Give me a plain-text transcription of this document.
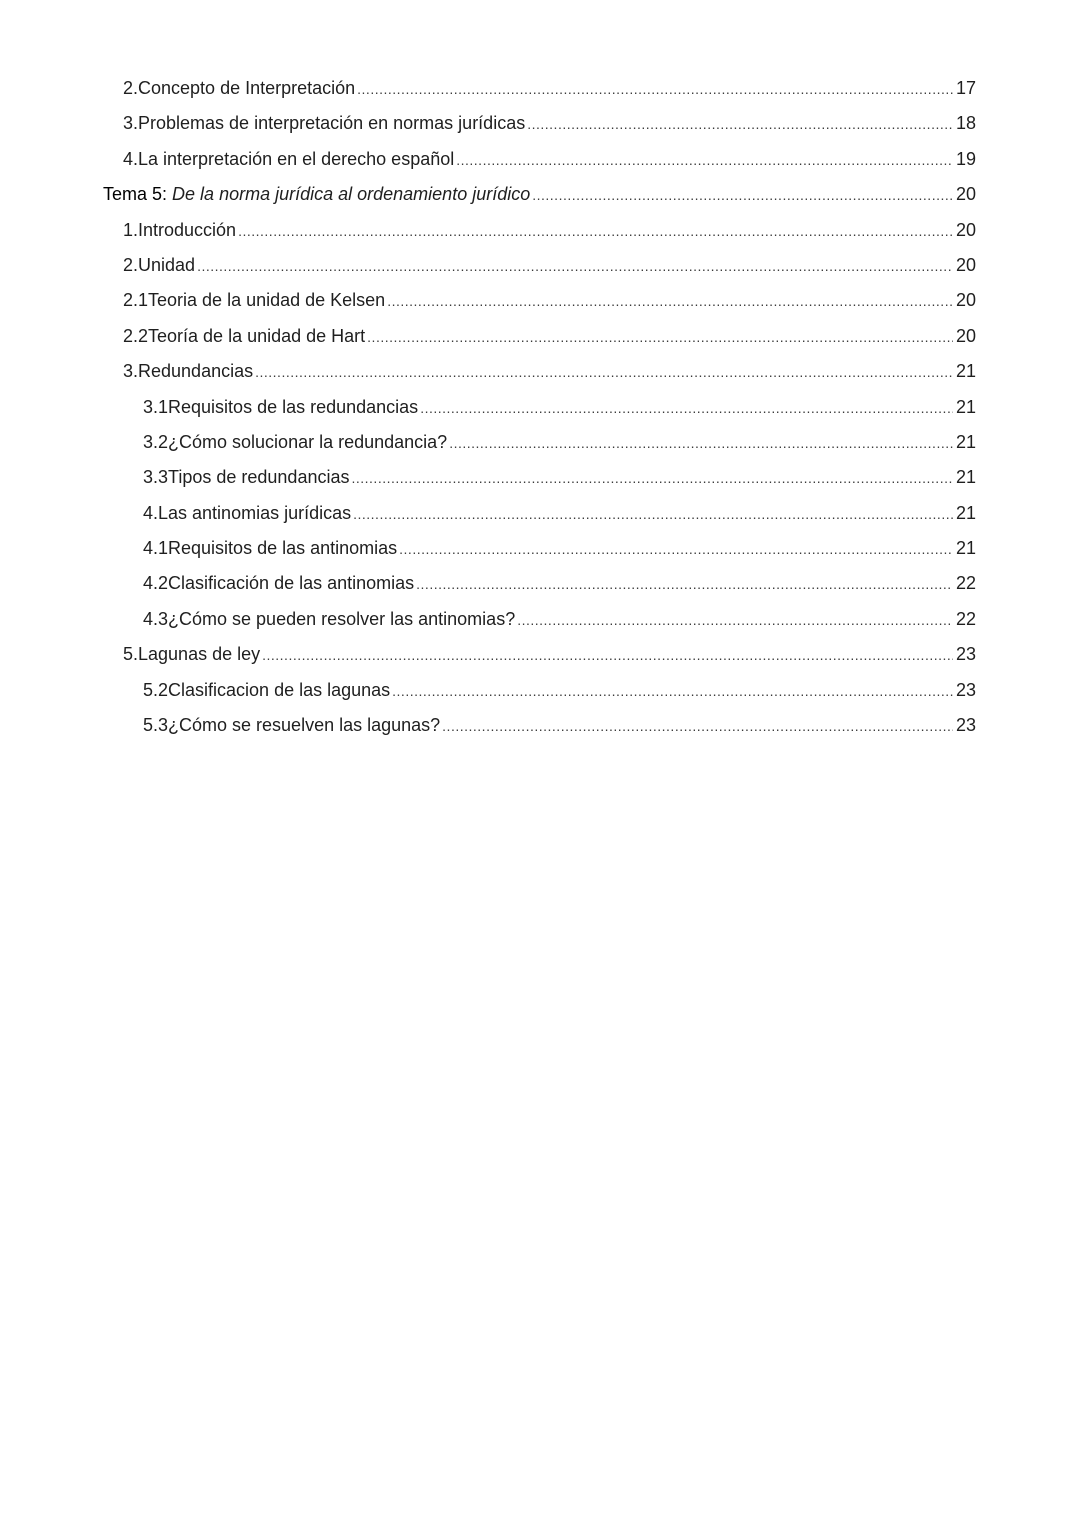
2.Concepto de Interpretación .....	17
3.Problemas de interpretación en normas jurídicas .....	18
4.La interpretación en el derecho español .....	19
Tema 5: De la norma jurídica al ordenamiento jurídico .....	20
1.Introducción .....	20
2.Unidad .....	20
2.1Teoria de la unidad de Kelsen .....	20
2.2Teoría de la unidad de Hart .....	20
3.Redundancias .....	21
3.1Requisitos de las redundancias .....	21
3.2¿Cómo solucionar la redundancia? .....	21
3.3Tipos de redundancias .....	21
4.Las antinomias jurídicas .....	21
4.1Requisitos de las antinomias .....	21
4.2Clasificación de las antinomias .....	22
4.3¿Cómo se pueden resolver las antinomias? .....	22
5.Lagunas de ley .....	23
5.2Clasificacion de las lagunas .....	23
5.3¿Cómo se resuelven las lagunas? .....	23
